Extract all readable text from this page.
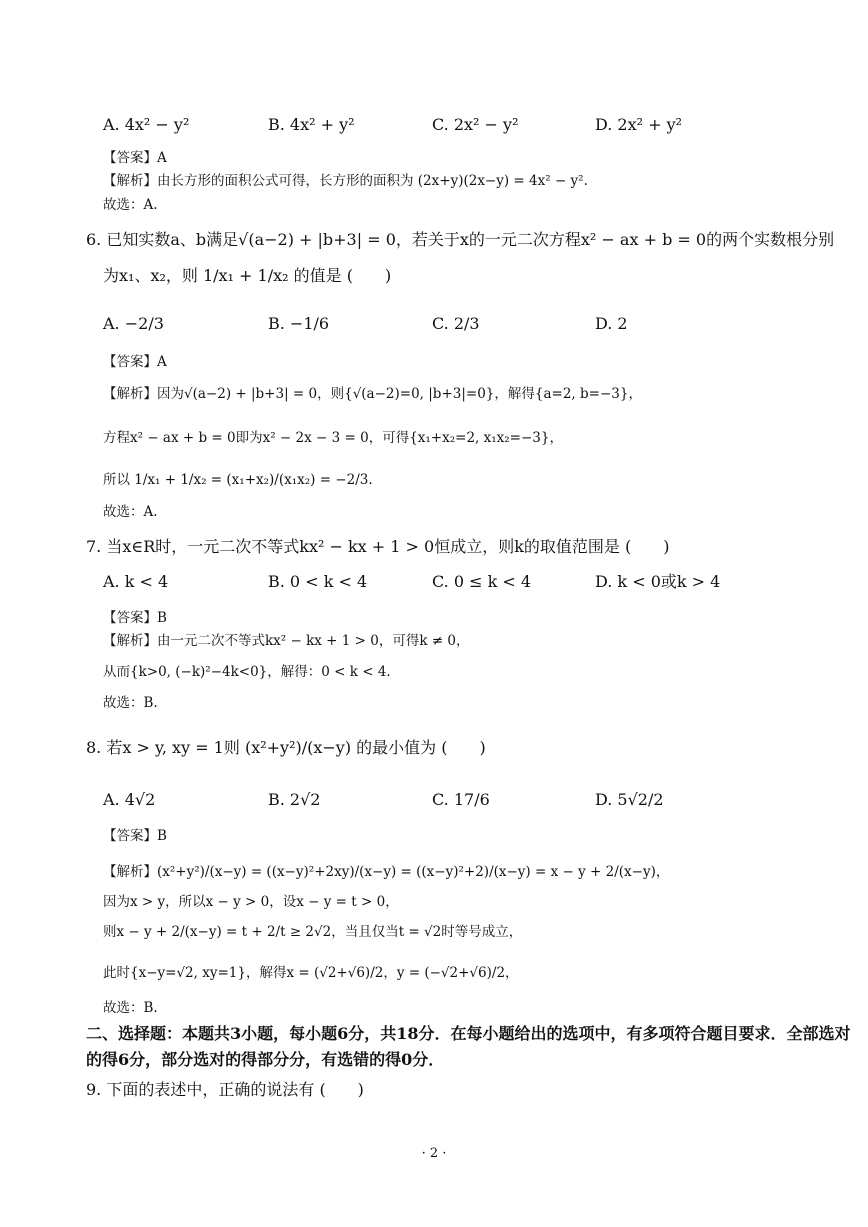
A. 4x² − y²	B. 4x² + y²	C. 2x² − y²	D. 2x² + y²
【答案】A
【解析】由长方形的面积公式可得，长方形的面积为 (2x+y)(2x−y) = 4x² − y².
故选：A.
6. 已知实数a、b满足√(a−2) + |b+3| = 0，若关于x的一元二次方程x² − ax + b = 0的两个实数根分别
为x₁、x₂，则 1/x₁ + 1/x₂ 的值是 (　　)
A. −2/3	B. −1/6	C. 2/3	D. 2
【答案】A
【解析】因为√(a−2) + |b+3| = 0，则{√(a−2)=0, |b+3|=0}，解得{a=2, b=−3}，
方程x² − ax + b = 0即为x² − 2x − 3 = 0，可得{x₁+x₂=2, x₁x₂=−3}，
所以 1/x₁ + 1/x₂ = (x₁+x₂)/(x₁x₂) = −2/3.
故选：A.
7. 当x∈R时，一元二次不等式kx² − kx + 1 > 0恒成立，则k的取值范围是 (　　)
A. k < 4	B. 0 < k < 4	C. 0 ≤ k < 4	D. k < 0或k > 4
【答案】B
【解析】由一元二次不等式kx² − kx + 1 > 0，可得k ≠ 0，
从而{k>0, (−k)²−4k<0}，解得：0 < k < 4.
故选：B.
8. 若x > y, xy = 1则 (x²+y²)/(x−y) 的最小值为 (　　)
A. 4√2	B. 2√2	C. 17/6	D. 5√2/2
【答案】B
【解析】(x²+y²)/(x−y) = ((x−y)²+2xy)/(x−y) = ((x−y)²+2)/(x−y) = x − y + 2/(x−y)，
因为x > y，所以x − y > 0，设x − y = t > 0，
则x − y + 2/(x−y) = t + 2/t ≥ 2√2，当且仅当t = √2时等号成立，
此时{x−y=√2, xy=1}，解得x = (√2+√6)/2，y = (−√2+√6)/2，
故选：B.
二、选择题：本题共3小题，每小题6分，共18分．在每小题给出的选项中，有多项符合题目要求．全部选对
的得6分，部分选对的得部分分，有选错的得0分．
9. 下面的表述中，正确的说法有 (　　)
· 2 ·
